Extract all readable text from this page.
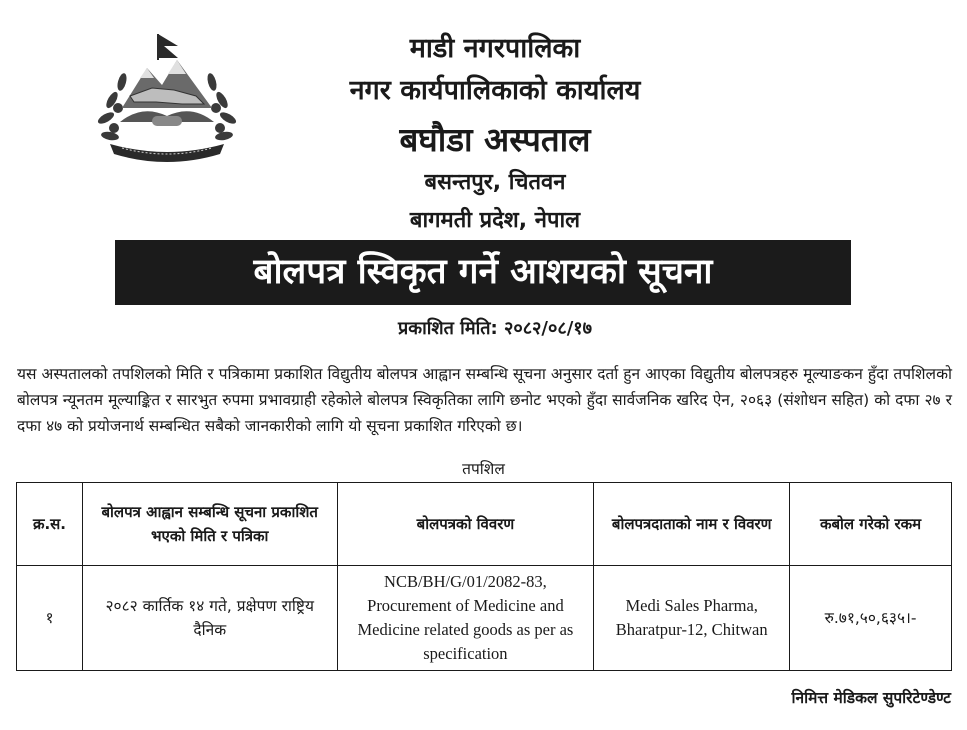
माडी नगरपालिका
नगर कार्यपालिकाको कार्यालय
बघौडा अस्पताल
बसन्तपुर, चितवन
बागमती प्रदेश, नेपाल
बोलपत्र स्विकृत गर्ने आशयको सूचना
प्रकाशित मिति: २०८२/०८/१७

यस अस्पतालको तपशिलको मिति र पत्रिकामा प्रकाशित विद्युतीय बोलपत्र आह्वान सम्बन्धि सूचना अनुसार दर्ता हुन आएका विद्युतीय बोलपत्रहरु मूल्याङकन हुँदा तपशिलको बोलपत्र न्यूनतम मूल्याङ्कित र सारभुत रुपमा प्रभावग्राही रहेकोले बोलपत्र स्विकृतिका लागि छनोट भएको हुँदा सार्वजनिक खरिद ऐन, २०६३ (संशोधन सहित) को दफा २७ र दफा ४७ को प्रयोजनार्थ सम्बन्धित सबैको जानकारीको लागि यो सूचना प्रकाशित गरिएको छ।

तपशिल
क्र.स.	बोलपत्र आह्वान सम्बन्धि सूचना प्रकाशित भएको मिति र पत्रिका	बोलपत्रको विवरण	बोलपत्रदाताको नाम र विवरण	कबोल गरेको रकम
१	२०८२ कार्तिक १४ गते, प्रक्षेपण राष्ट्रिय दैनिक	NCB/BH/G/01/2082-83, Procurement of Medicine and Medicine related goods as per as specification	Medi Sales Pharma, Bharatpur-12, Chitwan	रु.७१,५०,६३५।-
निमित्त मेडिकल सुपरिटेण्डेण्ट
